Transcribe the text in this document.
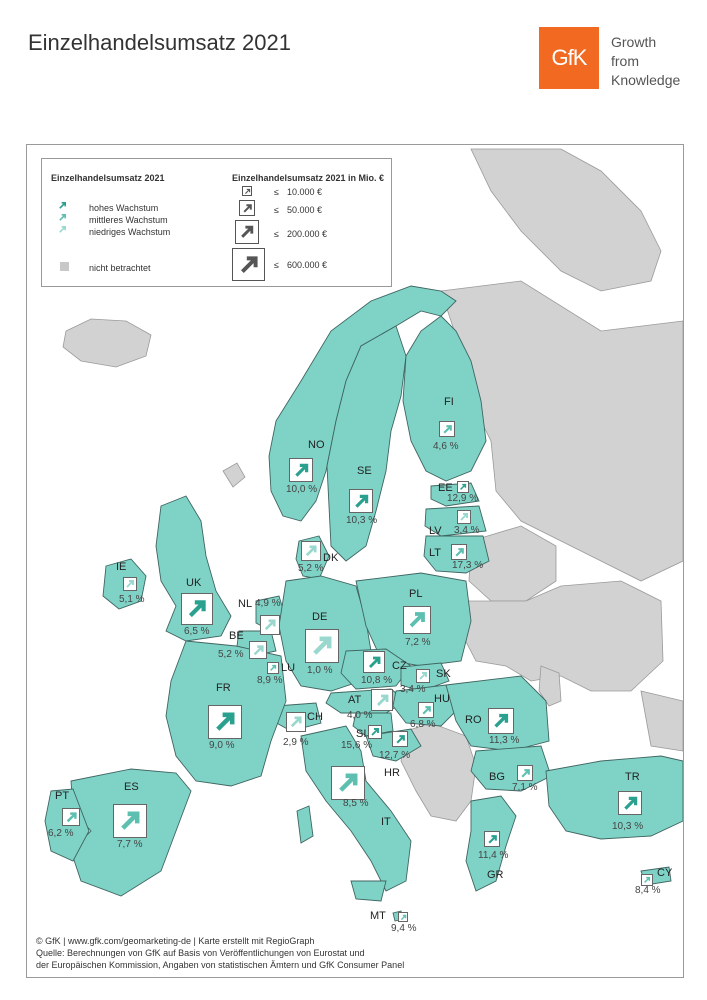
Einzelhandelsumsatz 2021
GfK
Growth
from
Knowledge
FI
4,6 %
NO
10,0 %
SE
10,3 %
EE
12,9 %
LV 3,4 %
LT
17,3 %
DK
5,2 %
IE
5,1 %
UK
6,5 %
NL 4,9 %
BE
5,2 %
LU
8,9 %
DE
1,0 %
PL
7,2 %
CZ
10,8 %
SK
3,4 %
AT
4,0 %
HU
6,8 %
CH
2,9 %
FR
9,0 %
SI
15,6 %
HR
12,7 %
RO
11,3 %
BG
7,1 %
TR
10,3 %
IT
8,5 %
ES
7,7 %
PT
6,2 %
GR
11,4 %
CY
8,4 %
MT
9,4 %
Einzelhandelsumsatz 2021	Einzelhandelsumsatz 2021 in Mio. €
hohes Wachstum
mittleres Wachstum
niedriges Wachstum
nicht betrachtet
≤ 10.000 €
≤ 50.000 €
≤ 200.000 €
≤ 600.000 €
© GfK | www.gfk.com/geomarketing-de | Karte erstellt mit RegioGraph
Quelle: Berechnungen von GfK auf Basis von Veröffentlichungen von Eurostat und
der Europäischen Kommission, Angaben von statistischen Ämtern und GfK Consumer Panel
